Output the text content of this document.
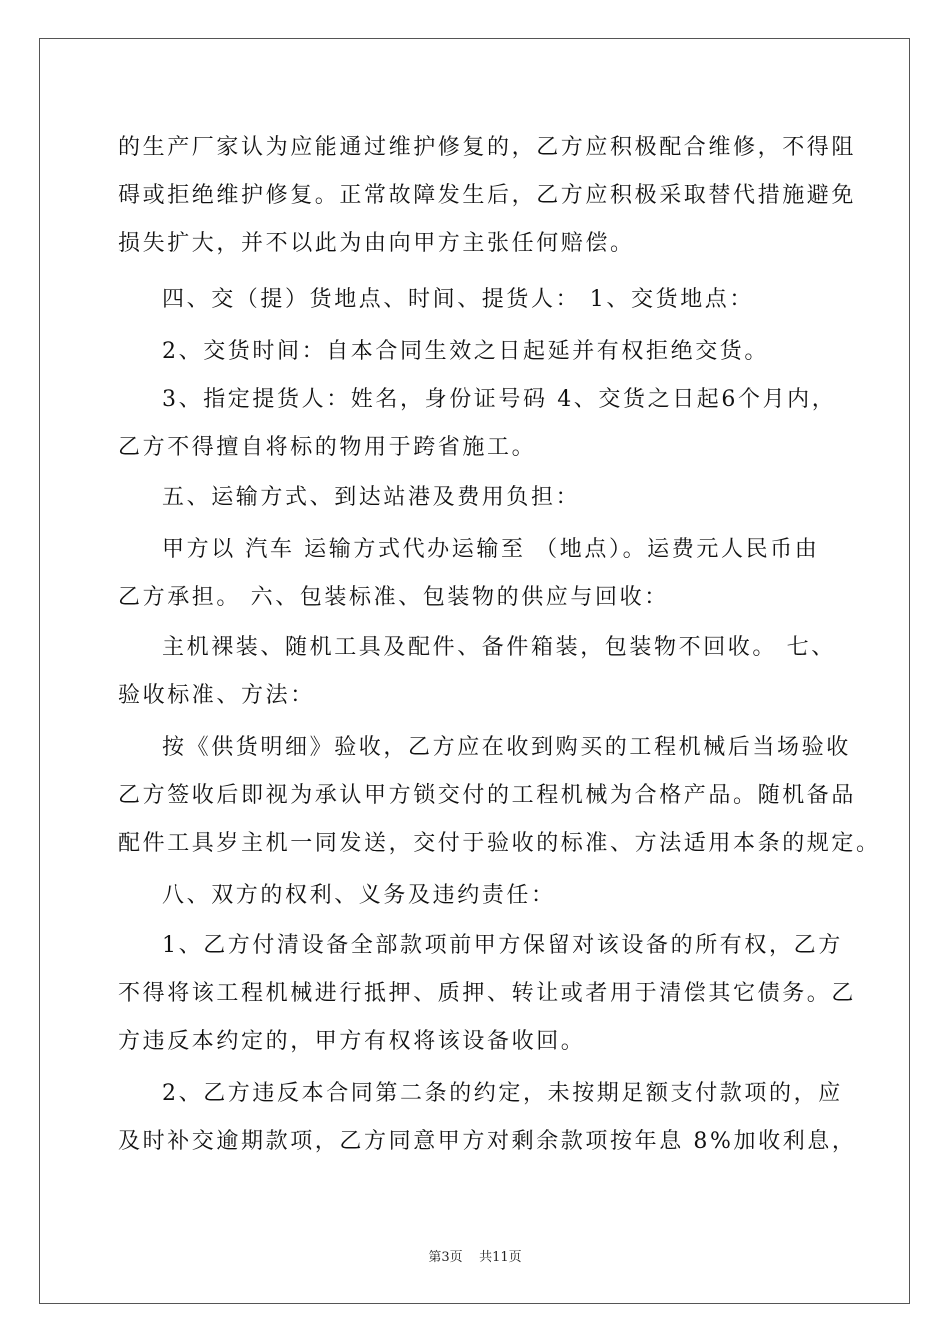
的生产厂家认为应能通过维护修复的，乙方应积极配合维修，不得阻
碍或拒绝维护修复。正常故障发生后，乙方应积极采取替代措施避免
损失扩大，并不以此为由向甲方主张任何赔偿。
四、交（提）货地点、时间、提货人： 1、交货地点：
2、交货时间：自本合同生效之日起延并有权拒绝交货。
3、指定提货人：姓名，身份证号码 4、交货之日起6个月内，
乙方不得擅自将标的物用于跨省施工。
五、运输方式、到达站港及费用负担：
甲方以 汽车 运输方式代办运输至 （地点）。运费元人民币由
乙方承担。 六、包装标准、包装物的供应与回收：
主机裸装、随机工具及配件、备件箱装，包装物不回收。 七、
验收标准、方法：
按《供货明细》验收，乙方应在收到购买的工程机械后当场验收
乙方签收后即视为承认甲方锁交付的工程机械为合格产品。随机备品
配件工具岁主机一同发送，交付于验收的标准、方法适用本条的规定。
八、双方的权利、义务及违约责任：
1、乙方付清设备全部款项前甲方保留对该设备的所有权，乙方
不得将该工程机械进行抵押、质押、转让或者用于清偿其它债务。乙
方违反本约定的，甲方有权将该设备收回。
2、乙方违反本合同第二条的约定，未按期足额支付款项的，应
及时补交逾期款项，乙方同意甲方对剩余款项按年息 8%加收利息，
第3页 共11页
